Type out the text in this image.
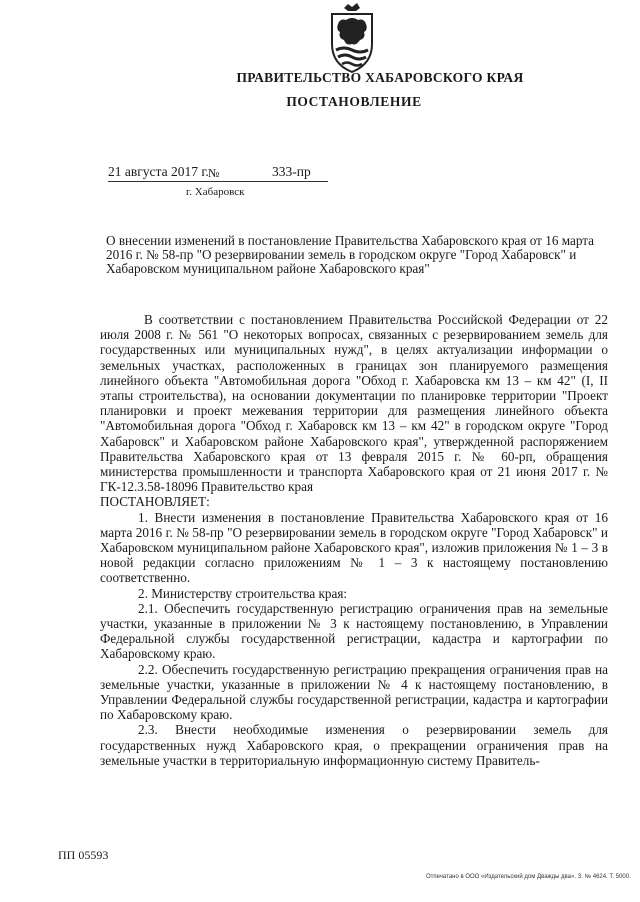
ПРАВИТЕЛЬСТВО ХАБАРОВСКОГО КРАЯ
ПОСТАНОВЛЕНИЕ
21 августа 2017 г. №	333-пр
г. Хабаровск
О внесении изменений в постановление Правительства Хабаровского края от 16 марта 2016 г. № 58-пр "О резервировании земель в городском округе "Город Хабаровск" и Хабаровском муниципальном районе Хабаровского края"

В соответствии с постановлением Правительства Российской Федерации от 22 июля 2008 г. № 561 "О некоторых вопросах, связанных с резервированием земель для государственных или муниципальных нужд", в целях актуализации информации о земельных участках, расположенных в границах зон планируемого размещения линейного объекта "Автомобильная дорога "Обход г. Хабаровска км 13 – км 42" (I, II этапы строительства), на основании документации по планировке территории "Проект планировки и проект межевания территории для размещения линейного объекта "Автомобильная дорога "Обход г. Хабаровск км 13 – км 42" в городском округе "Город Хабаровск" и Хабаровском районе Хабаровского края", утвержденной распоряжением Правительства Хабаровского края от 13 февраля 2015 г. № 60-рп, обращения министерства промышленности и транспорта Хабаровского края от 21 июня 2017 г. № ГК-12.3.58-18096 Правительство края

ПОСТАНОВЛЯЕТ:

1. Внести изменения в постановление Правительства Хабаровского края от 16 марта 2016 г. № 58-пр "О резервировании земель в городском округе "Город Хабаровск" и Хабаровском муниципальном районе Хабаровского края", изложив приложения № 1 – 3 в новой редакции согласно приложениям № 1 – 3 к настоящему постановлению соответственно.

2. Министерству строительства края:

2.1. Обеспечить государственную регистрацию ограничения прав на земельные участки, указанные в приложении № 3 к настоящему постановлению, в Управлении Федеральной службы государственной регистрации, кадастра и картографии по Хабаровскому краю.

2.2. Обеспечить государственную регистрацию прекращения ограничения прав на земельные участки, указанные в приложении № 4 к настоящему постановлению, в Управлении Федеральной службы государственной регистрации, кадастра и картографии по Хабаровскому краю.

2.3. Внести необходимые изменения о резервировании земель для государственных нужд Хабаровского края, о прекращении ограничения прав на земельные участки в территориальную информационную систему Правитель-

ПП 05593
Отпечатано в ООО «Издательский дом Дважды два». З. № 4624. Т. 5000.
